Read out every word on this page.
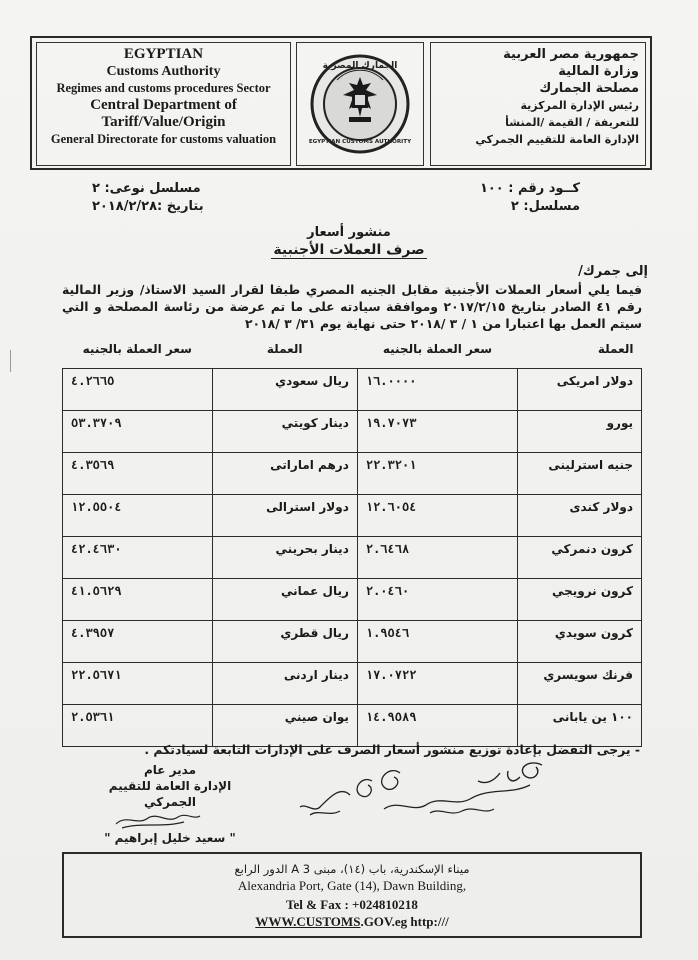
EGYPTIAN
Customs Authority
Regimes and customs procedures Sector
Central Department of
Tariff/Value/Origin
General Directorate for customs valuation
الجمارك المصرية
EGYPTIAN CUSTOMS AUTHORITY
جمهورية مصر العربية
وزارة المالية
مصلحة الجمارك
رئيس الإدارة المركزية
للتعريفة / القيمة /المنشأ
الإدارة العامة للتقييم الجمركي
كــود رقم : ١٠٠
مسلسل: ٢
مسلسل نوعى: ٢
بتاريخ :٢٠١٨/٢/٢٨
منشور أسعار
صرف العملات الأجنبية
إلى جمرك/
فيما يلي أسعار العملات الأجنبية مقابل الجنيه المصري طبقا لقرار السيد الاستاذ/ وزير المالية رقم ٤١ الصادر بتاريخ ٢٠١٧/٢/١٥ وموافقة سيادته على ما تم عرضة من رئاسة المصلحة و التي سيتم العمل بها اعتبارا من ١ / ٣ /٢٠١٨ حتى نهاية يوم ٣١/ ٣ /٢٠١٨
العملة	سعر العملة بالجنيه	العملة	سعر العملة بالجنيه
دولار امريكى	١٦.٠٠٠٠	ريال سعودي	٤.٢٦٦٥
يورو	١٩.٧٠٧٣	دينار كويتي	٥٣.٣٧٠٩
جنيه استرلينى	٢٢.٣٢٠١	درهم اماراتى	٤.٣٥٦٩
دولار كندى	١٢.٦٠٥٤	دولار استرالى	١٢.٥٥٠٤
كرون دنمركي	٢.٦٤٦٨	دينار بحريني	٤٢.٤٦٣٠
كرون نرويجي	٢.٠٤٦٠	ريال عماني	٤١.٥٦٢٩
كرون سويدي	١.٩٥٤٦	ريال قطري	٤.٣٩٥٧
فرنك سويسري	١٧.٠٧٢٢	دينار اردنى	٢٢.٥٦٧١
١٠٠ ين يابانى	١٤.٩٥٨٩	يوان صيني	٢.٥٣٦١
- يرجى التفضل بإعادة توزيع منشور أسعار الصرف على الإدارات التابعة لسيادتكم .
مدير عام
الإدارة العامة للتقييم الجمركي
" سعيد خليل إبراهيم "
ميناء الإسكندرية، باب (١٤)، مبنى A 3 الدور الرابع
Alexandria Port, Gate (14), Dawn Building,
Tel & Fax : +024810218
WWW.CUSTOMS.GOV.eg http:///
